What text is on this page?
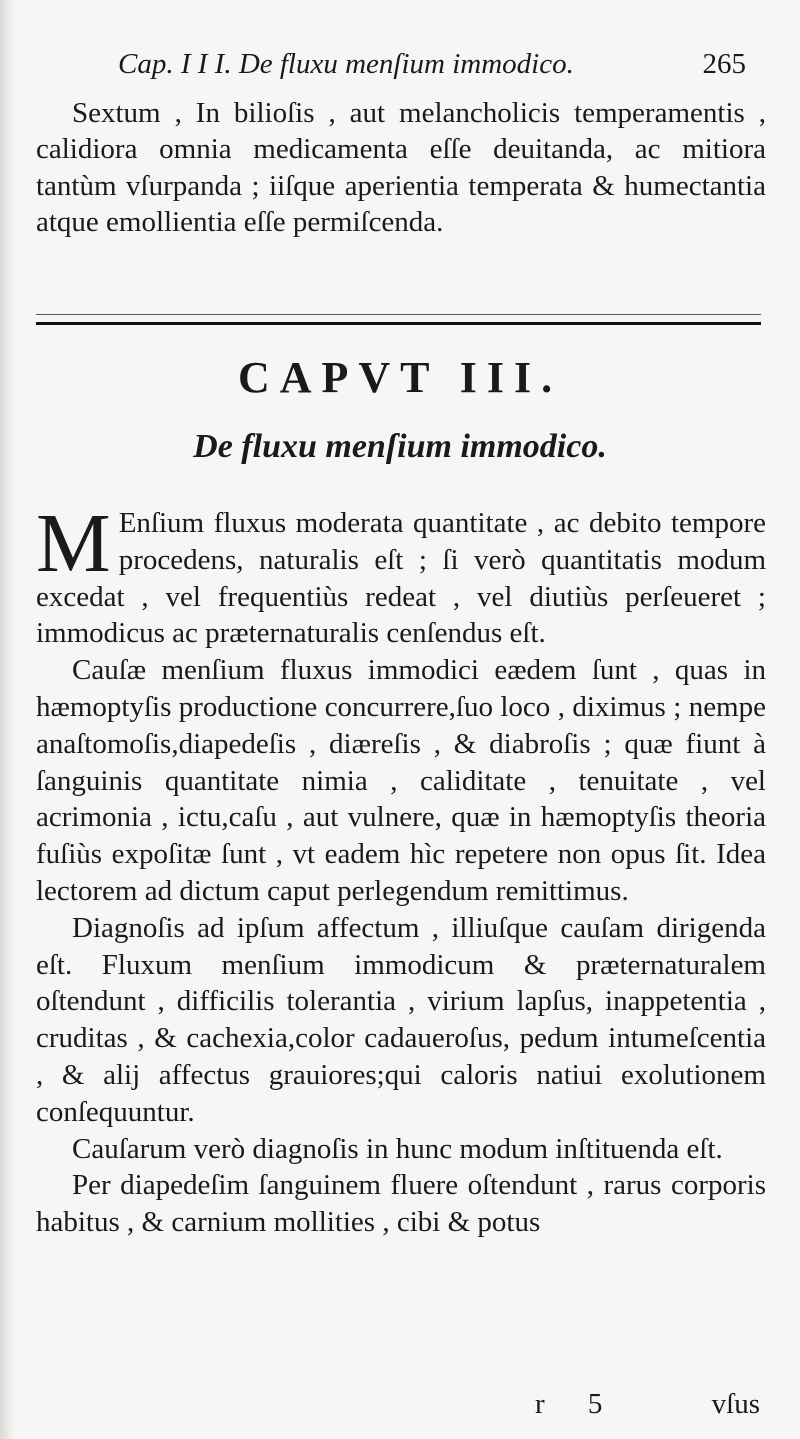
Cap. I I I. De fluxu menſium immodico.	265

Sextum , In bilioſis , aut melancholicis temperamentis , calidiora omnia medicamenta eſſe deuitanda, ac mitiora tantùm vſurpanda ; iiſque aperientia temperata & humectantia atque emollientia eſſe permiſcenda.

CAPVT III.
De fluxu menſium immodico.

M Enſium fluxus moderata quantitate , ac debito tempore procedens, naturalis eſt ; ſi verò quantitatis modum excedat , vel frequentiùs redeat , vel diutiùs perſeueret ; immodicus ac præternaturalis cenſendus eſt.

Cauſæ menſium fluxus immodici eædem ſunt , quas in hæmoptyſis productione concurrere,ſuo loco , diximus ; nempe anaſtomoſis,diapedeſis , diæreſis , & diabroſis ; quæ fiunt à ſanguinis quantitate nimia , caliditate , tenuitate , vel acrimonia , ictu,caſu , aut vulnere, quæ in hæmoptyſis theoria fuſiùs expoſitæ ſunt , vt eadem hìc repetere non opus ſit. Idea lectorem ad dictum caput perlegendum remittimus.

Diagnoſis ad ipſum affectum , illiuſque cauſam dirigenda eſt. Fluxum menſium immodicum & præternaturalem oſtendunt , difficilis tolerantia , virium lapſus, inappetentia , cruditas , & cachexia,color cadaueroſus, pedum intumeſcentia , & alij affectus grauiores;qui caloris natiui exolutionem conſequuntur.

Cauſarum verò diagnoſis in hunc modum inſtituenda eſt.

Per diapedeſim ſanguinem fluere oſtendunt , rarus corporis habitus , & carnium mollities , cibi & potus

r 5	vſus
